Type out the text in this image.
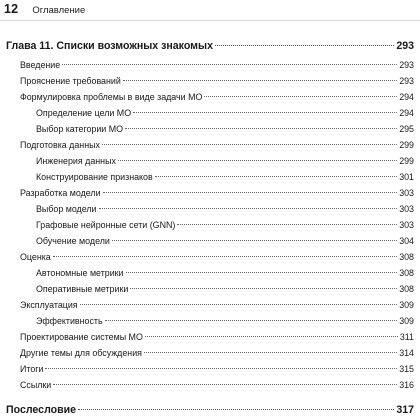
12 Оглавление
Глава 11. Списки возможных знакомых	293
Введение	293
Прояснение требований	293
Формулировка проблемы в виде задачи МО	294
Определение цели МО	294
Выбор категории МО	295
Подготовка данных	299
Инженерия данных	299
Конструирование признаков	301
Разработка модели	303
Выбор модели	303
Графовые нейронные сети (GNN)	303
Обучение модели	304
Оценка	308
Автономные метрики	308
Оперативные метрики	308
Эксплуатация	309
Эффективность	309
Проектирование системы МО	311
Другие темы для обсуждения	314
Итоги	315
Ссылки	316
Послесловие	317
